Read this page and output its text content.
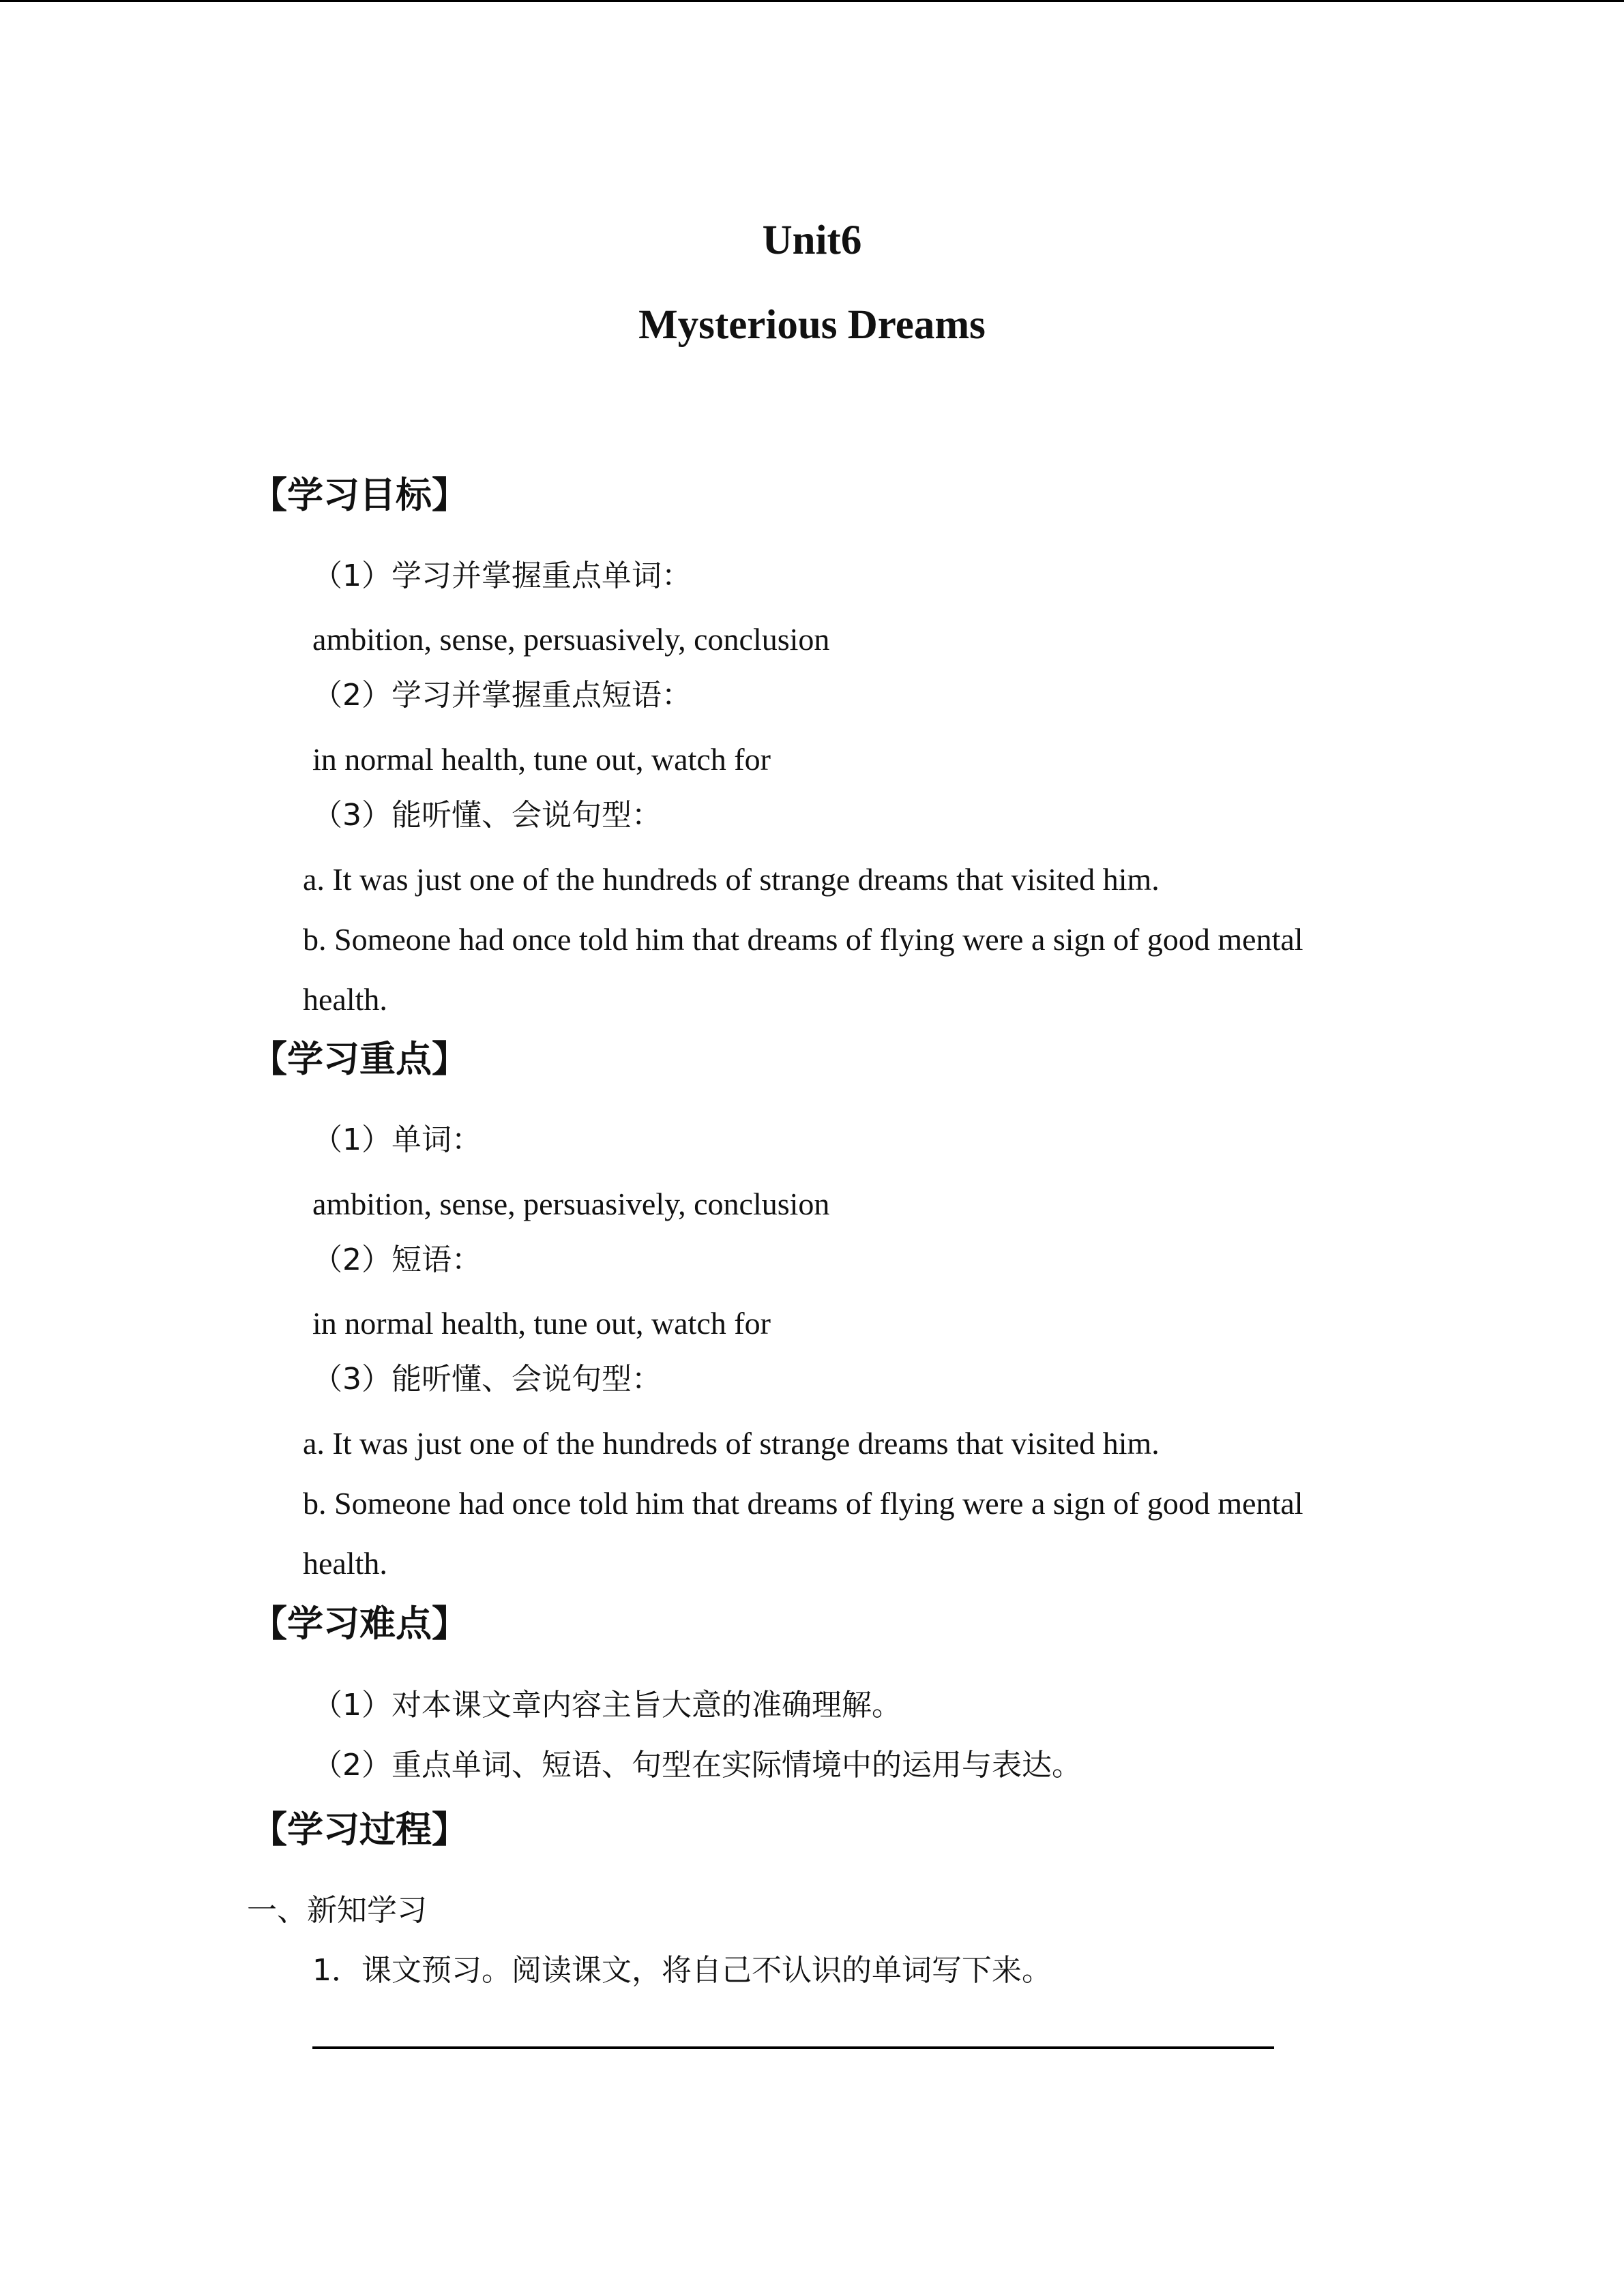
Unit6
Mysterious Dreams
【学习目标】
（1）学习并掌握重点单词：
ambition, sense, persuasively, conclusion
（2）学习并掌握重点短语：
in normal health, tune out, watch for
（3）能听懂、会说句型：
a. It was just one of the hundreds of strange dreams that visited him.
b. Someone had once told him that dreams of flying were a sign of good mental
health.
【学习重点】
（1）单词：
ambition, sense, persuasively, conclusion
（2）短语：
in normal health, tune out, watch for
（3）能听懂、会说句型：
a. It was just one of the hundreds of strange dreams that visited him.
b. Someone had once told him that dreams of flying were a sign of good mental
health.
【学习难点】
（1）对本课文章内容主旨大意的准确理解。
（2）重点单词、短语、句型在实际情境中的运用与表达。
【学习过程】
一、新知学习
1．课文预习。阅读课文，将自己不认识的单词写下来。
